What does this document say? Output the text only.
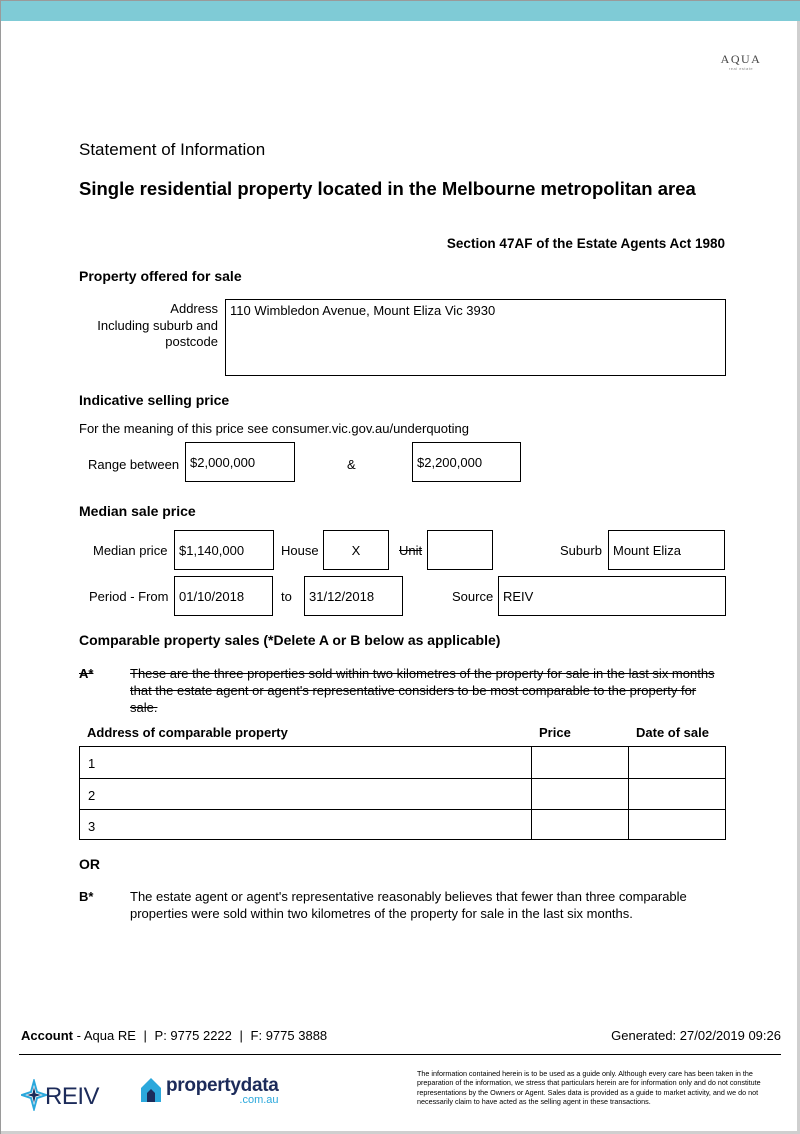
AQUA
real estate
Statement of Information
Single residential property located in the Melbourne metropolitan area
Section 47AF of the Estate Agents Act 1980
Property offered for sale
Address
Including suburb and
postcode
110 Wimbledon Avenue, Mount Eliza Vic 3930
Indicative selling price
For the meaning of this price see consumer.vic.gov.au/underquoting
Range between $2,000,000	&	$2,200,000
Median sale price
Median price $1,140,000	House	X	Unit	Suburb Mount Eliza
Period - From 01/10/2018	to 31/12/2018	Source REIV
Comparable property sales (*Delete A or B below as applicable)
A*	These are the three properties sold within two kilometres of the property for sale in the last six months that the estate agent or agent's representative considers to be most comparable to the property for sale.
Address of comparable property	Price	Date of sale
1
2
3
OR
B*	The estate agent or agent's representative reasonably believes that fewer than three comparable properties were sold within two kilometres of the property for sale in the last six months.
Account - Aqua RE | P: 9775 2222 | F: 9775 3888	Generated: 27/02/2019 09:26
REIV	propertydata
.com.au
The information contained herein is to be used as a guide only. Although every care has been taken in the preparation of the information, we stress that particulars herein are for information only and do not constitute representations by the Owners or Agent. Sales data is provided as a guide to market activity, and we do not necessarily claim to have acted as the selling agent in these transactions.
